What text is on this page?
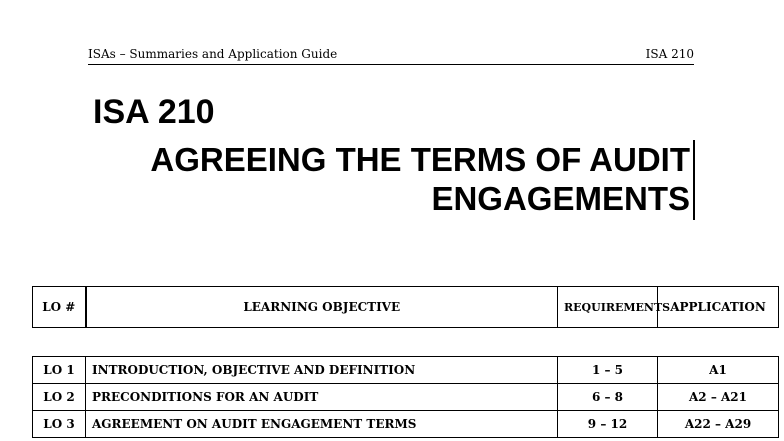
ISAs – Summaries and Application Guide	ISA 210
ISA 210
AGREEING THE TERMS OF AUDIT
ENGAGEMENTS
LO #	LEARNING OBJECTIVE	REQUIREMENTS	APPLICATION
LO 1	INTRODUCTION, OBJECTIVE AND DEFINITION	1 – 5	A1
LO 2	PRECONDITIONS FOR AN AUDIT	6 – 8	A2 – A21
LO 3	AGREEMENT ON AUDIT ENGAGEMENT TERMS	9 – 12	A22 – A29
